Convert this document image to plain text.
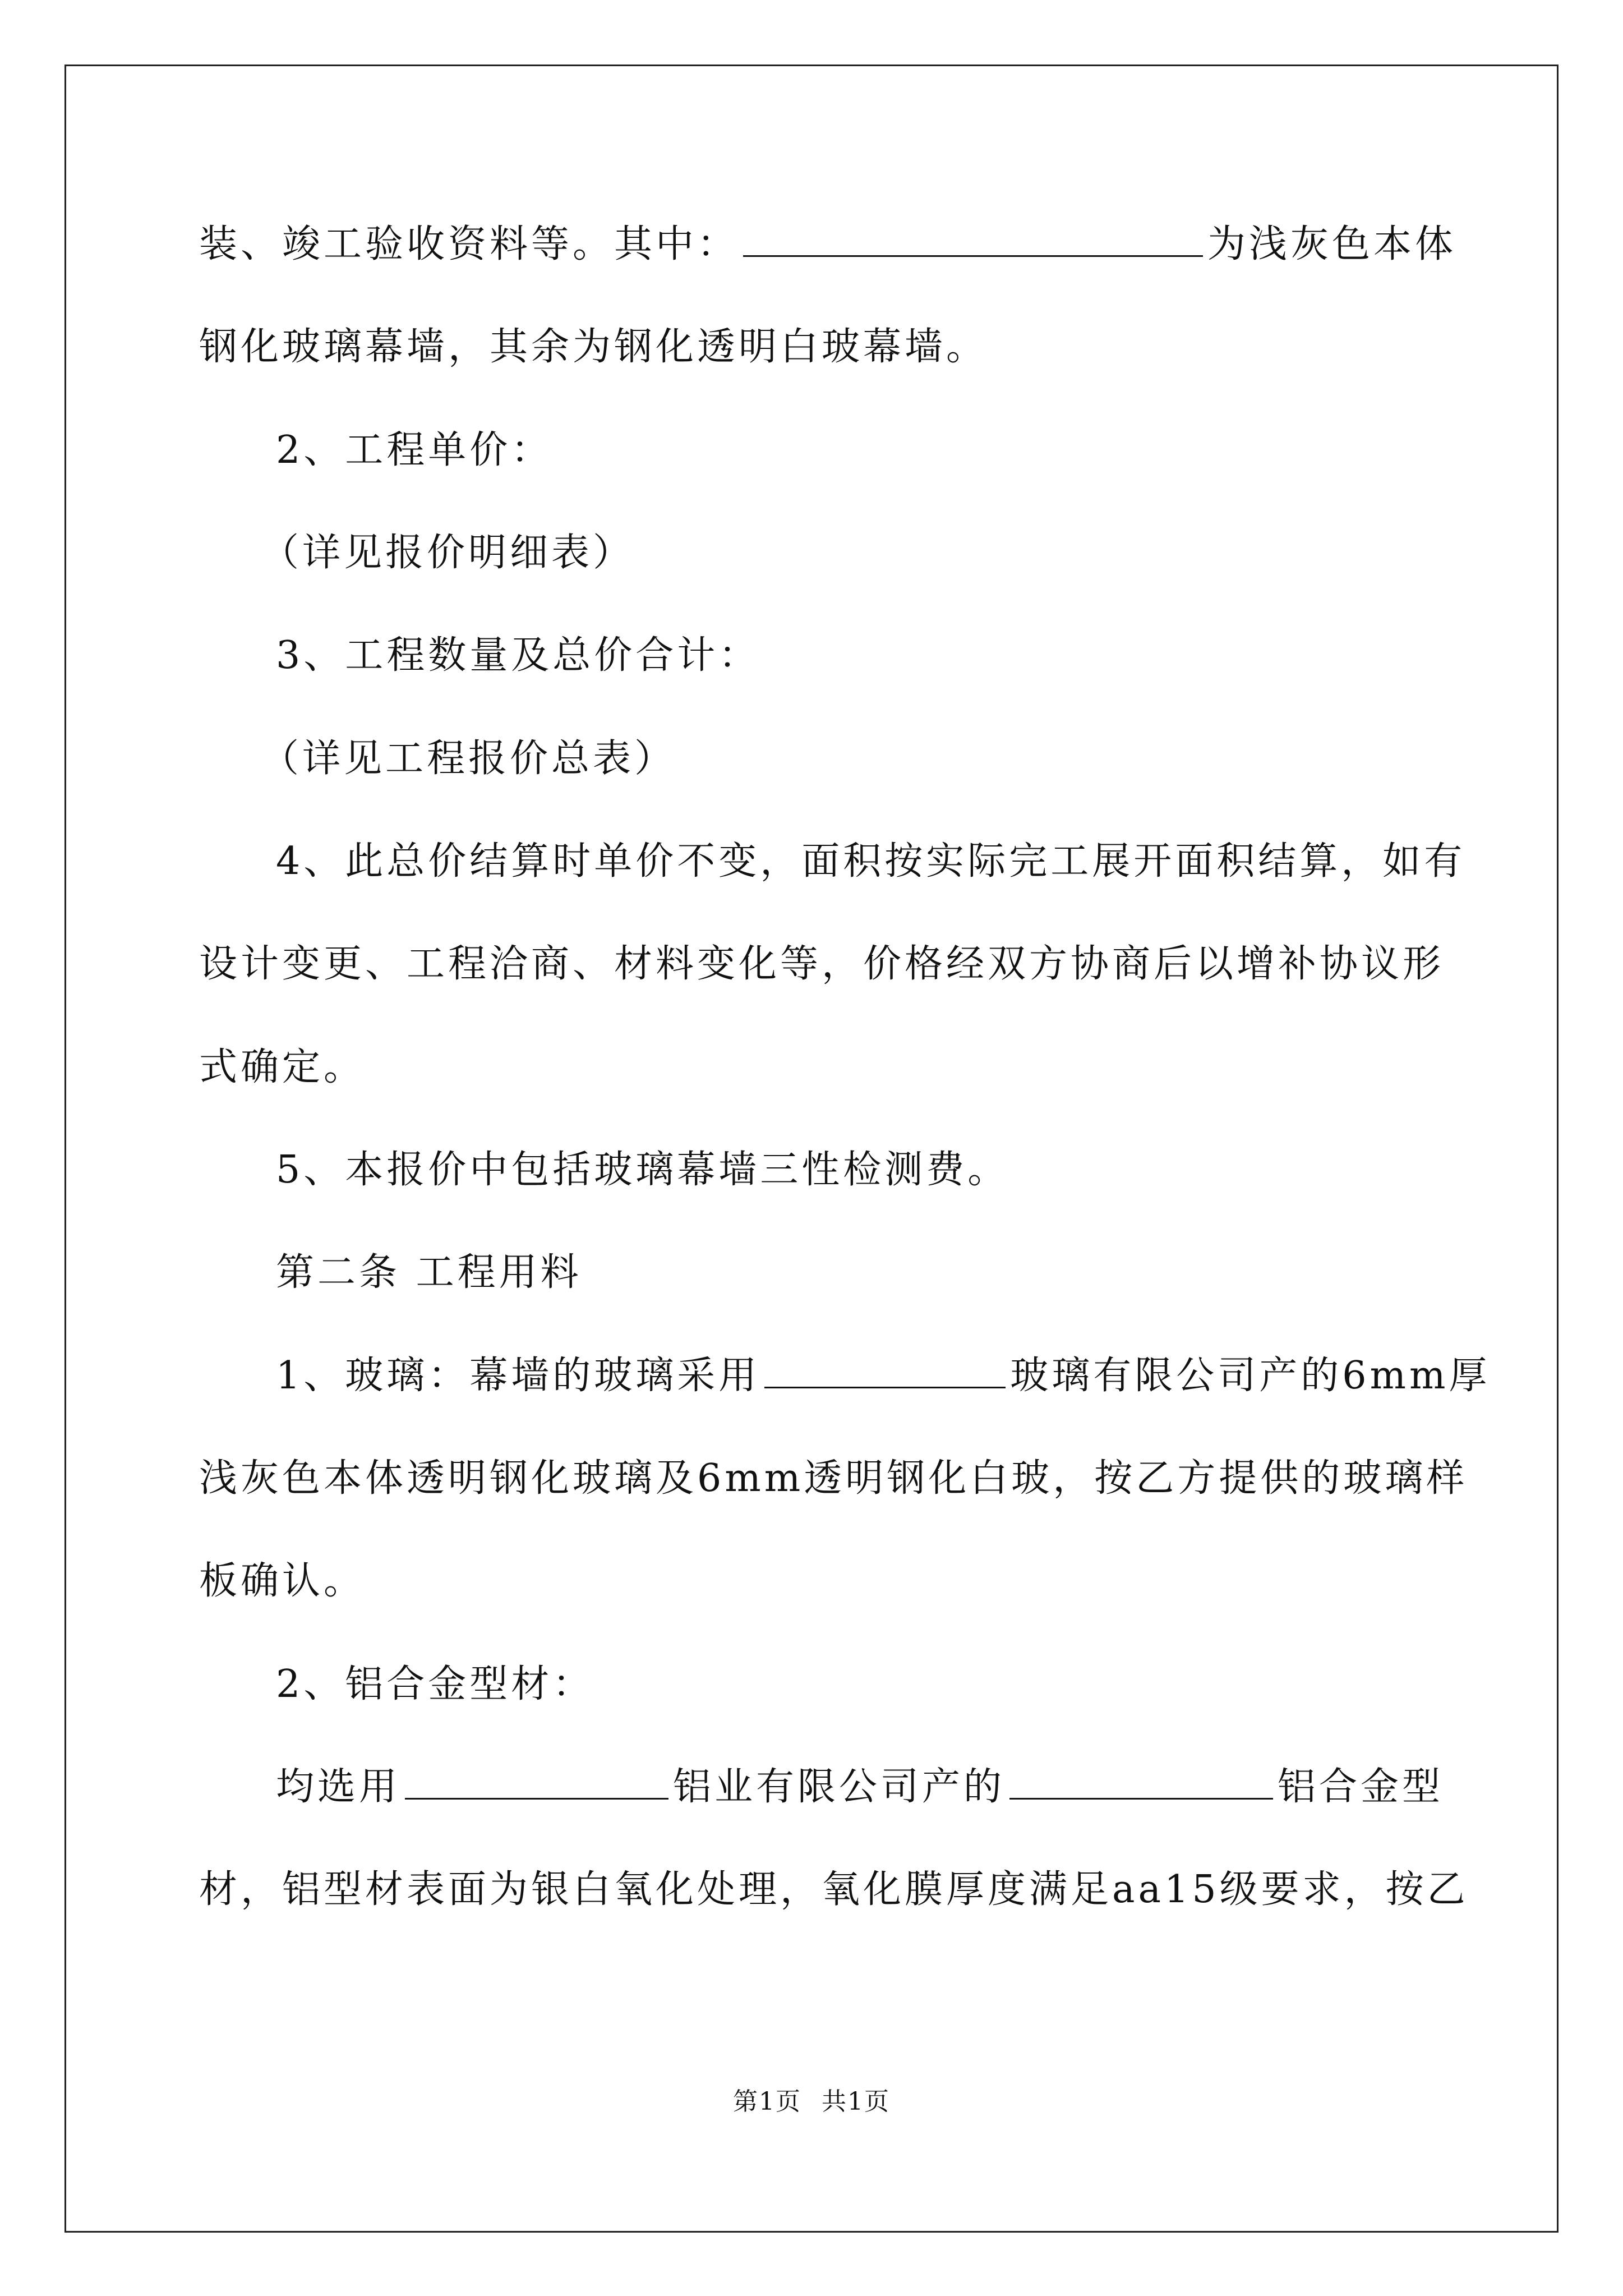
装、竣工验收资料等。其中：	为浅灰色本体
钢化玻璃幕墙，其余为钢化透明白玻幕墙。
2、工程单价：
（详见报价明细表）
3、工程数量及总价合计：
（详见工程报价总表）
4、此总价结算时单价不变，面积按实际完工展开面积结算，如有
设计变更、工程洽商、材料变化等，价格经双方协商后以增补协议形
式确定。
5、本报价中包括玻璃幕墙三性检测费。
第二条 工程用料
1、玻璃：幕墙的玻璃采用	玻璃有限公司产的6mm厚
浅灰色本体透明钢化玻璃及6mm透明钢化白玻，按乙方提供的玻璃样
板确认。
2、铝合金型材：
均选用	铝业有限公司产的	铝合金型
材，铝型材表面为银白氧化处理，氧化膜厚度满足aa15级要求，按乙
第1页 共1页
